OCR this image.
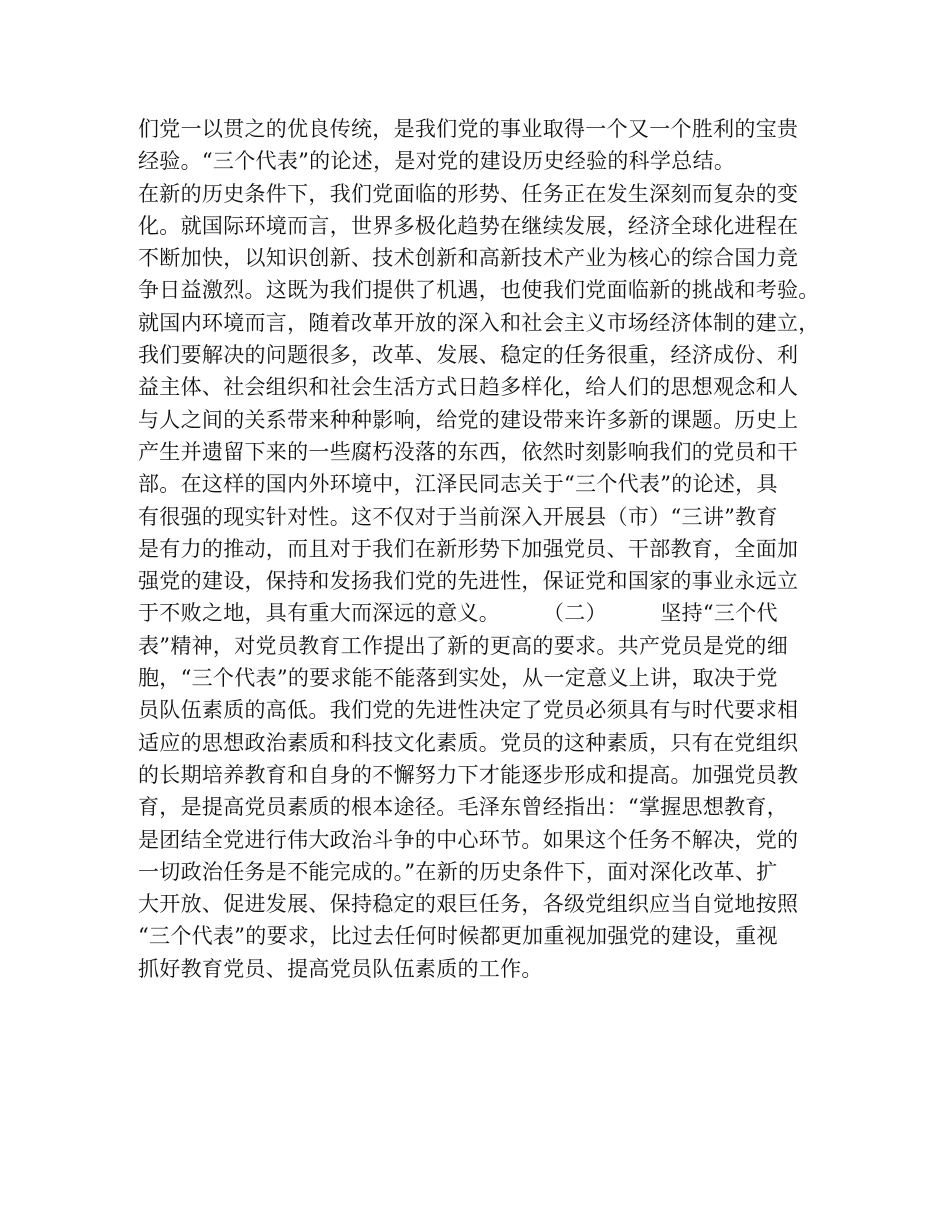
们党一以贯之的优良传统，是我们党的事业取得一个又一个胜利的宝贵
经验。“三个代表”的论述，是对党的建设历史经验的科学总结。
在新的历史条件下，我们党面临的形势、任务正在发生深刻而复杂的变
化。就国际环境而言，世界多极化趋势在继续发展，经济全球化进程在
不断加快，以知识创新、技术创新和高新技术产业为核心的综合国力竞
争日益激烈。这既为我们提供了机遇，也使我们党面临新的挑战和考验。
就国内环境而言，随着改革开放的深入和社会主义市场经济体制的建立，
我们要解决的问题很多，改革、发展、稳定的任务很重，经济成份、利
益主体、社会组织和社会生活方式日趋多样化，给人们的思想观念和人
与人之间的关系带来种种影响，给党的建设带来许多新的课题。历史上
产生并遗留下来的一些腐朽没落的东西，依然时刻影响我们的党员和干
部。在这样的国内外环境中，江泽民同志关于“三个代表”的论述，具
有很强的现实针对性。这不仅对于当前深入开展县（市）“三讲”教育
是有力的推动，而且对于我们在新形势下加强党员、干部教育，全面加
强党的建设，保持和发扬我们党的先进性，保证党和国家的事业永远立
于不败之地，具有重大而深远的意义。　　　（二）　　　坚持“三个代
表”精神，对党员教育工作提出了新的更高的要求。共产党员是党的细
胞，“三个代表”的要求能不能落到实处，从一定意义上讲，取决于党
员队伍素质的高低。我们党的先进性决定了党员必须具有与时代要求相
适应的思想政治素质和科技文化素质。党员的这种素质，只有在党组织
的长期培养教育和自身的不懈努力下才能逐步形成和提高。加强党员教
育，是提高党员素质的根本途径。毛泽东曾经指出：“掌握思想教育，
是团结全党进行伟大政治斗争的中心环节。如果这个任务不解决，党的
一切政治任务是不能完成的。”在新的历史条件下，面对深化改革、扩
大开放、促进发展、保持稳定的艰巨任务，各级党组织应当自觉地按照
“三个代表”的要求，比过去任何时候都更加重视加强党的建设，重视
抓好教育党员、提高党员队伍素质的工作。
